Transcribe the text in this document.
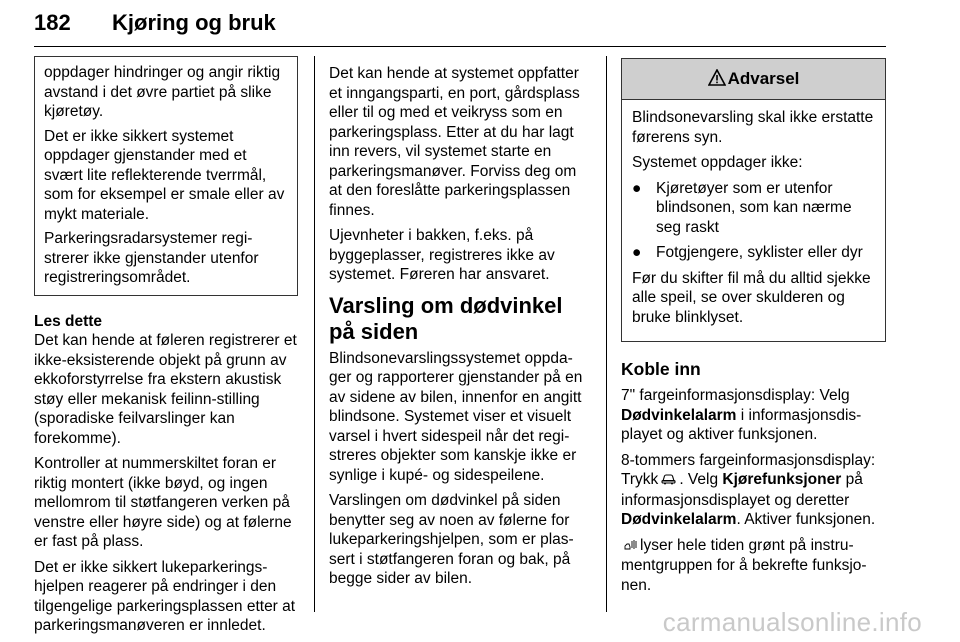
182 Kjøring og bruk

oppdager hindringer og angir riktig avstand i det øvre partiet på slike kjøretøy.

Det er ikke sikkert systemet oppdager gjenstander med et svært lite reflekterende tverrmål, som for eksempel er smale eller av mykt materiale.

Parkeringsradarsystemer regi-strerer ikke gjenstander utenfor registreringsområdet.

Les dette

Det kan hende at føleren registrerer et ikke-eksisterende objekt på grunn av ekkoforstyrrelse fra ekstern akustisk støy eller mekanisk feilinn-stilling (sporadiske feilvarslinger kan forekomme).

Kontroller at nummerskiltet foran er riktig montert (ikke bøyd, og ingen mellomrom til støtfangeren verken på venstre eller høyre side) og at følerne er fast på plass.

Det er ikke sikkert lukeparkerings-hjelpen reagerer på endringer i den tilgengelige parkeringsplassen etter at parkeringsmanøveren er innledet.

Det kan hende at systemet oppfatter et inngangsparti, en port, gårdsplass eller til og med et veikryss som en parkeringsplass. Etter at du har lagt inn revers, vil systemet starte en parkeringsmanøver. Forviss deg om at den foreslåtte parkeringsplassen finnes.

Ujevnheter i bakken, f.eks. på byggeplasser, registreres ikke av systemet. Føreren har ansvaret.

Varsling om dødvinkel på siden

Blindsonevarslingssystemet oppda-ger og rapporterer gjenstander på en av sidene av bilen, innenfor en angitt blindsone. Systemet viser et visuelt varsel i hvert sidespeil når det regi-streres objekter som kanskje ikke er synlige i kupé- og sidespeilene.

Varslingen om dødvinkel på siden benytter seg av noen av følerne for lukeparkeringshjelpen, som er plas-sert i støtfangeren foran og bak, på begge sider av bilen.

Advarsel

Blindsonevarsling skal ikke erstatte førerens syn.

Systemet oppdager ikke:

● Kjøretøyer som er utenfor blindsonen, som kan nærme seg raskt
● Fotgjengere, syklister eller dyr

Før du skifter fil må du alltid sjekke alle speil, se over skulderen og bruke blinklyset.

Koble inn

7" fargeinformasjonsdisplay: Velg Dødvinkelalarm i informasjonsdis-playet og aktiver funksjonen.

8-tommers fargeinformasjonsdisplay: Trykk . Velg Kjørefunksjoner på informasjonsdisplayet og deretter Dødvinkelalarm. Aktiver funksjonen.

lyser hele tiden grønt på instru-mentgruppen for å bekrefte funksjo-nen.

carmanualsonline.info
